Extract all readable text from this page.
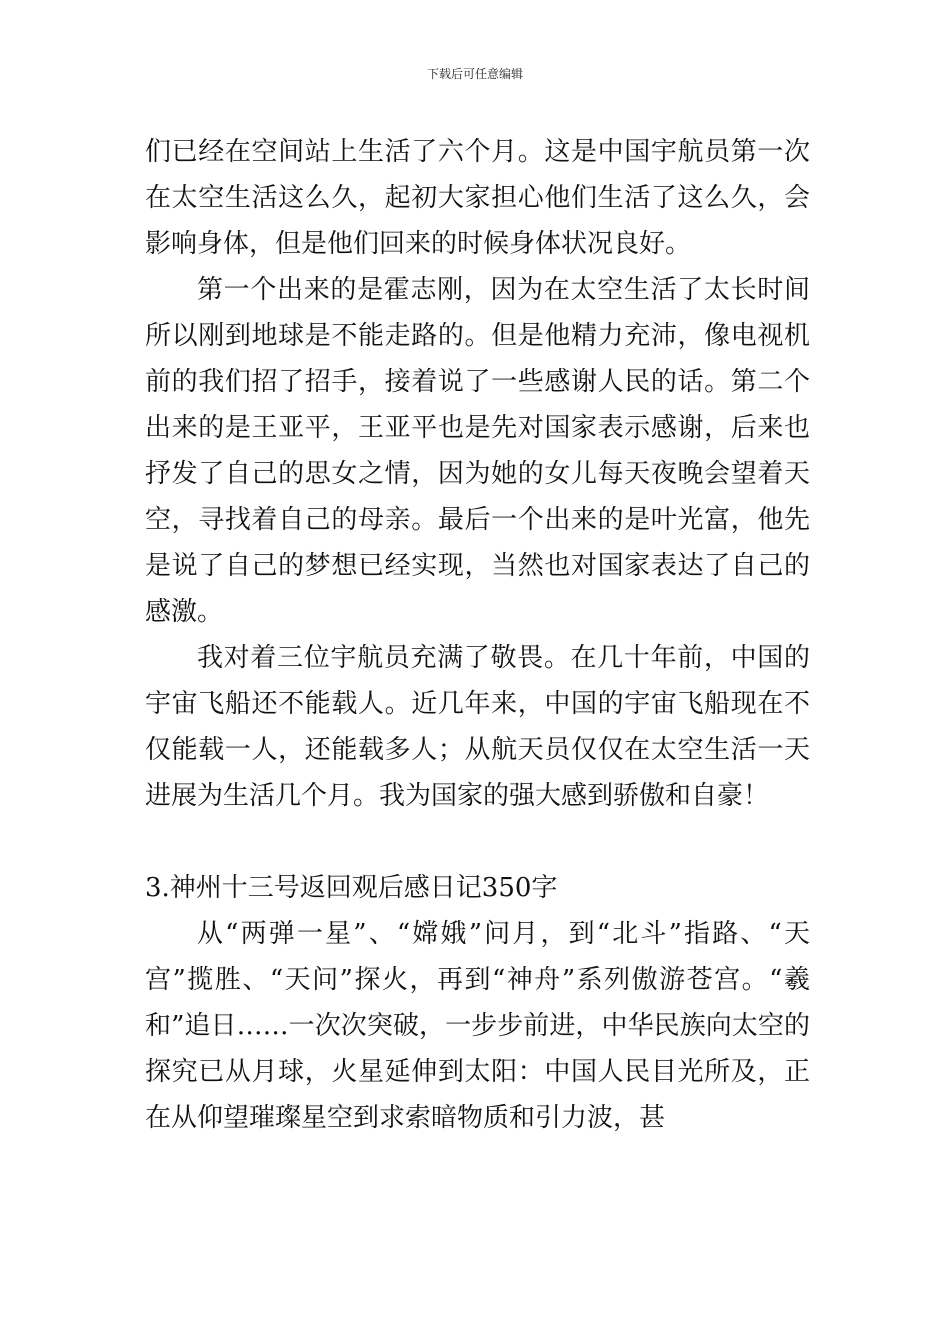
下载后可任意编辑

们已经在空间站上生活了六个月。这是中国宇航员第一次在太空生活这么久，起初大家担心他们生活了这么久，会影响身体，但是他们回来的时候身体状况良好。

第一个出来的是霍志刚，因为在太空生活了太长时间所以刚到地球是不能走路的。但是他精力充沛，像电视机前的我们招了招手，接着说了一些感谢人民的话。第二个出来的是王亚平，王亚平也是先对国家表示感谢，后来也抒发了自己的思女之情，因为她的女儿每天夜晚会望着天空，寻找着自己的母亲。最后一个出来的是叶光富，他先是说了自己的梦想已经实现，当然也对国家表达了自己的感激。

我对着三位宇航员充满了敬畏。在几十年前，中国的宇宙飞船还不能载人。近几年来，中国的宇宙飞船现在不仅能载一人，还能载多人；从航天员仅仅在太空生活一天进展为生活几个月。我为国家的强大感到骄傲和自豪！

3.神州十三号返回观后感日记350字

从“两弹一星”、“嫦娥”问月，到“北斗”指路、“天宫”揽胜、“天问”探火，再到“神舟”系列傲游苍宫。“羲和”追日……一次次突破，一步步前进，中华民族向太空的探究已从月球，火星延伸到太阳：中国人民目光所及，正在从仰望璀璨星空到求索暗物质和引力波，甚
